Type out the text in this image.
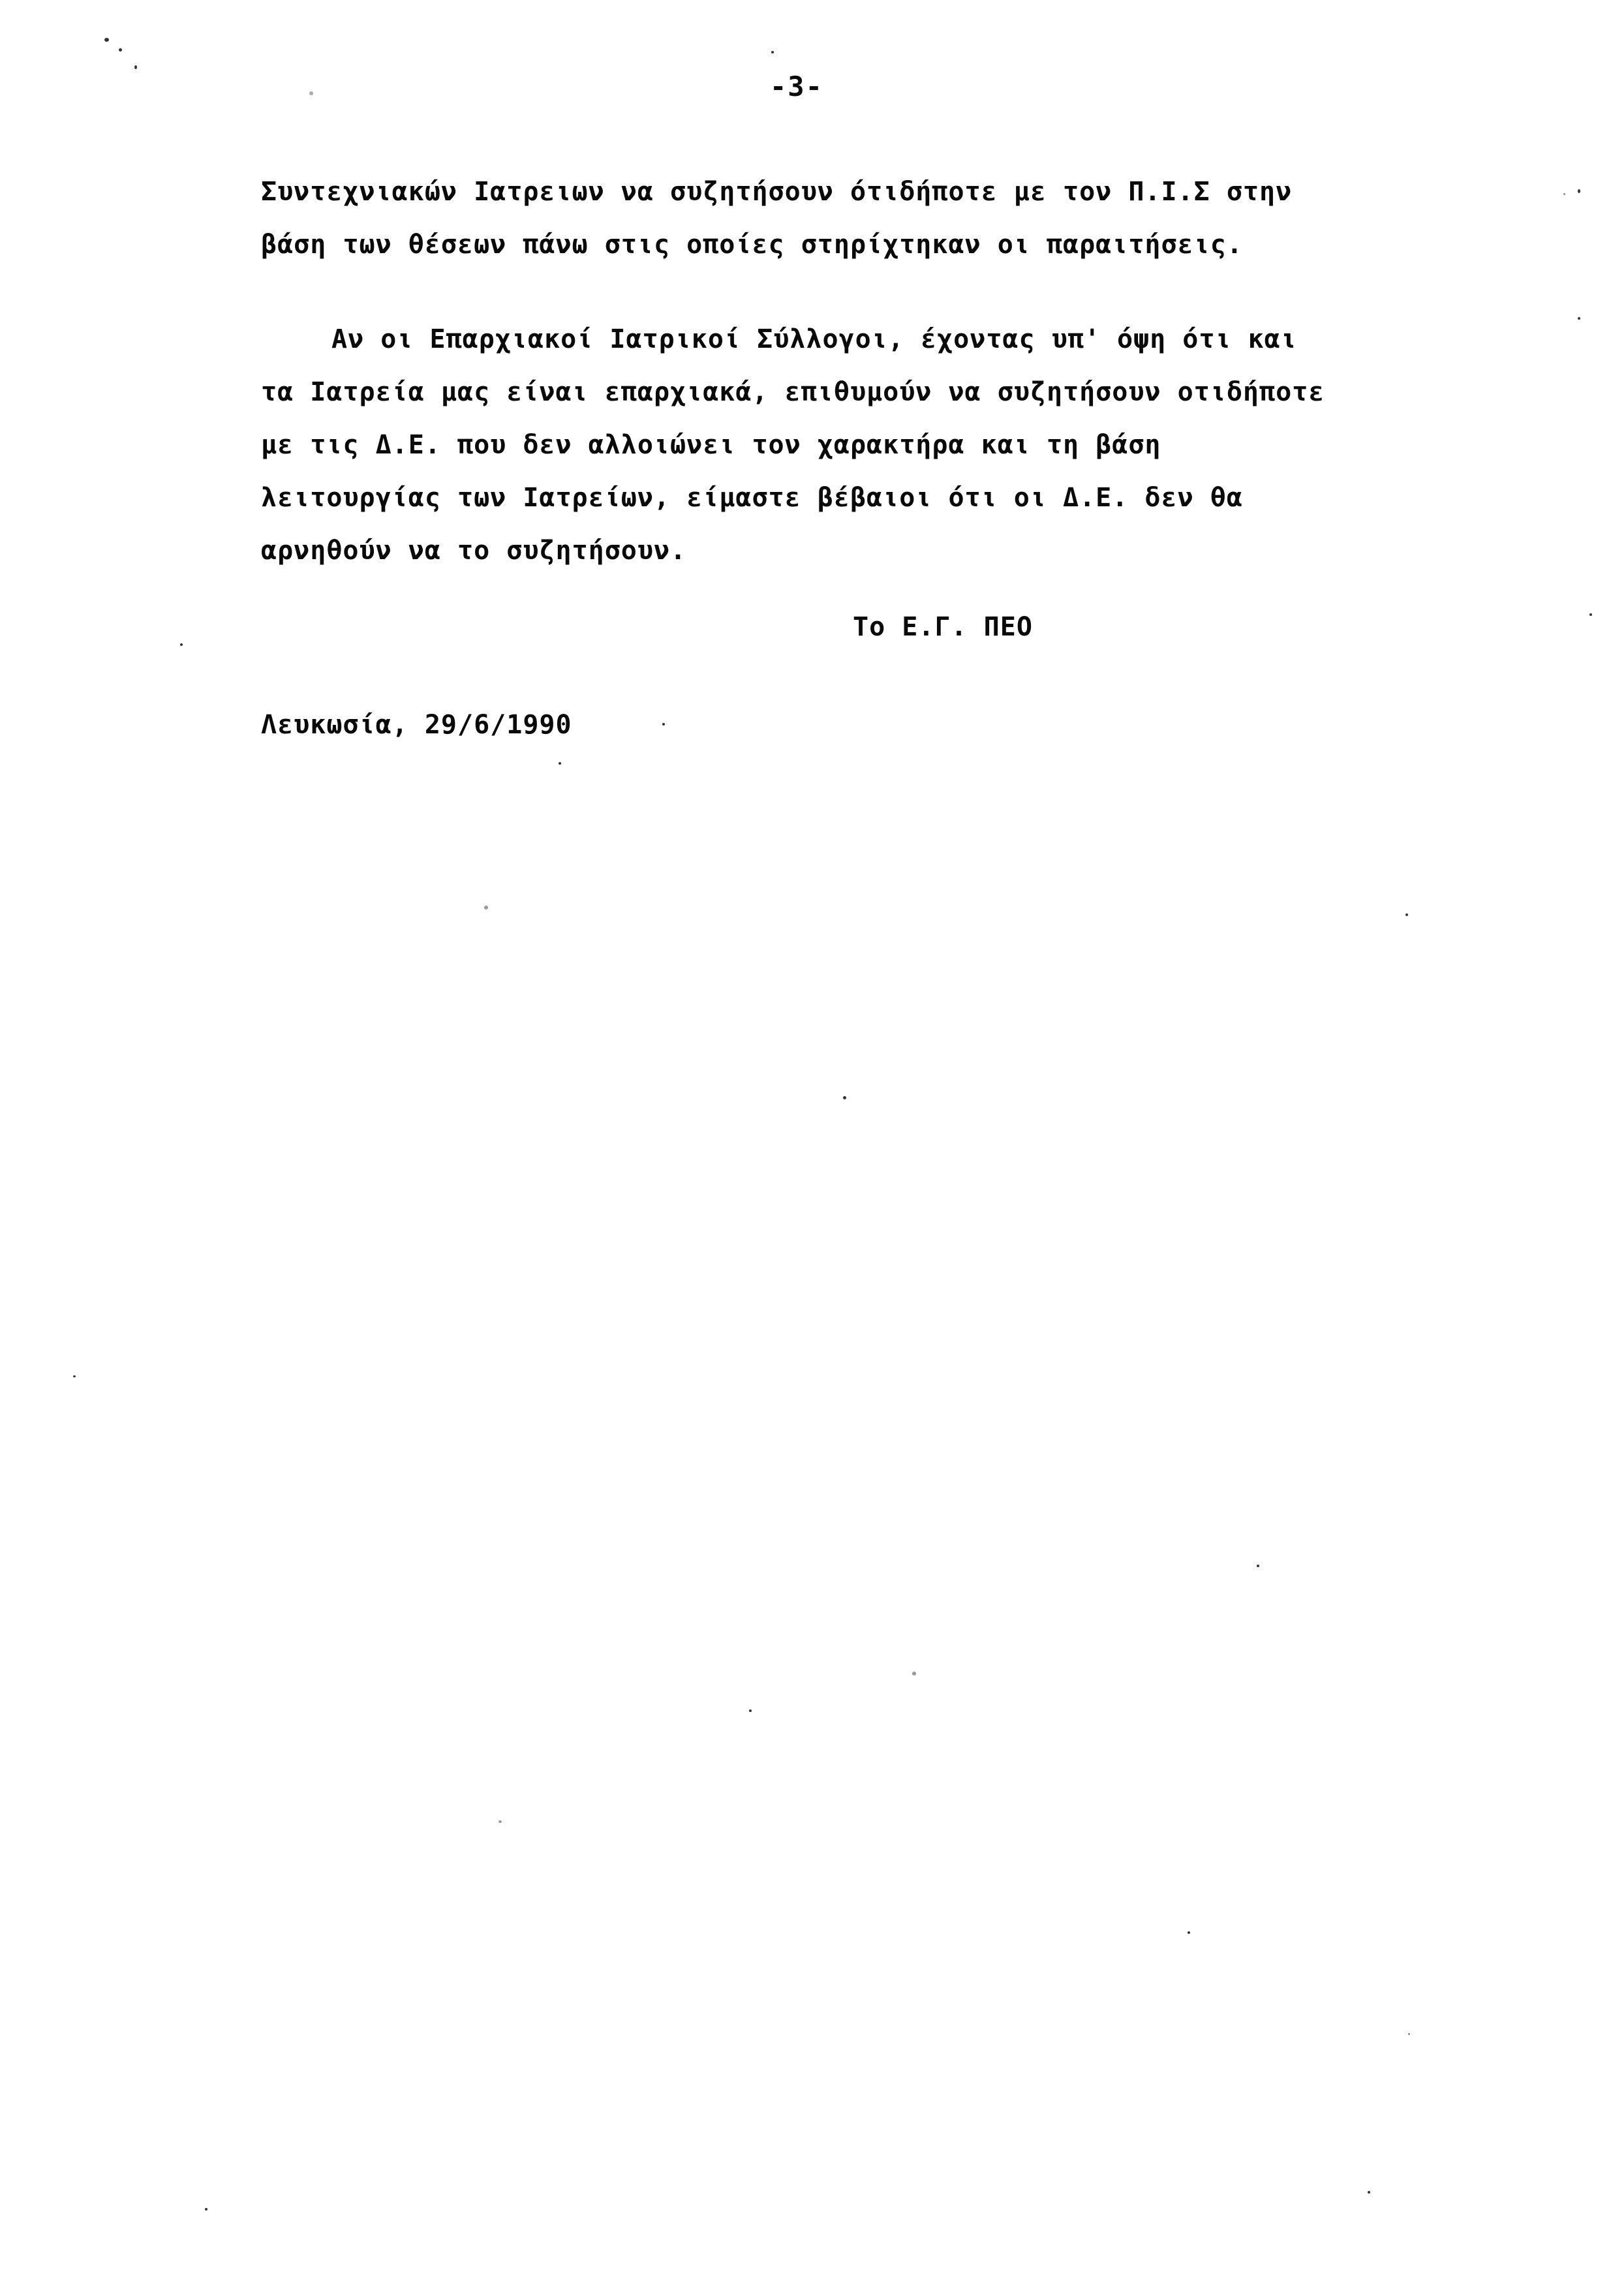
-3-
Συντεχνιακών Ιατρειων να συζητήσουν ότιδήποτε με τον Π.Ι.Σ στην
βάση των θέσεων πάνω στις οποίες στηρίχτηκαν οι παραιτήσεις.
Αν οι Επαρχιακοί Ιατρικοί Σύλλογοι, έχοντας υπ' όψη ότι και
τα Ιατρεία μας είναι επαρχιακά, επιθυμούν να συζητήσουν οτιδήποτε
με τις Δ.Ε. που δεν αλλοιώνει τον χαρακτήρα και τη βάση
λειτουργίας των Ιατρείων, είμαστε βέβαιοι ότι οι Δ.Ε. δεν θα
αρνηθούν να το συζητήσουν.
Το Ε.Γ. ΠΕΟ
Λευκωσία, 29/6/1990
